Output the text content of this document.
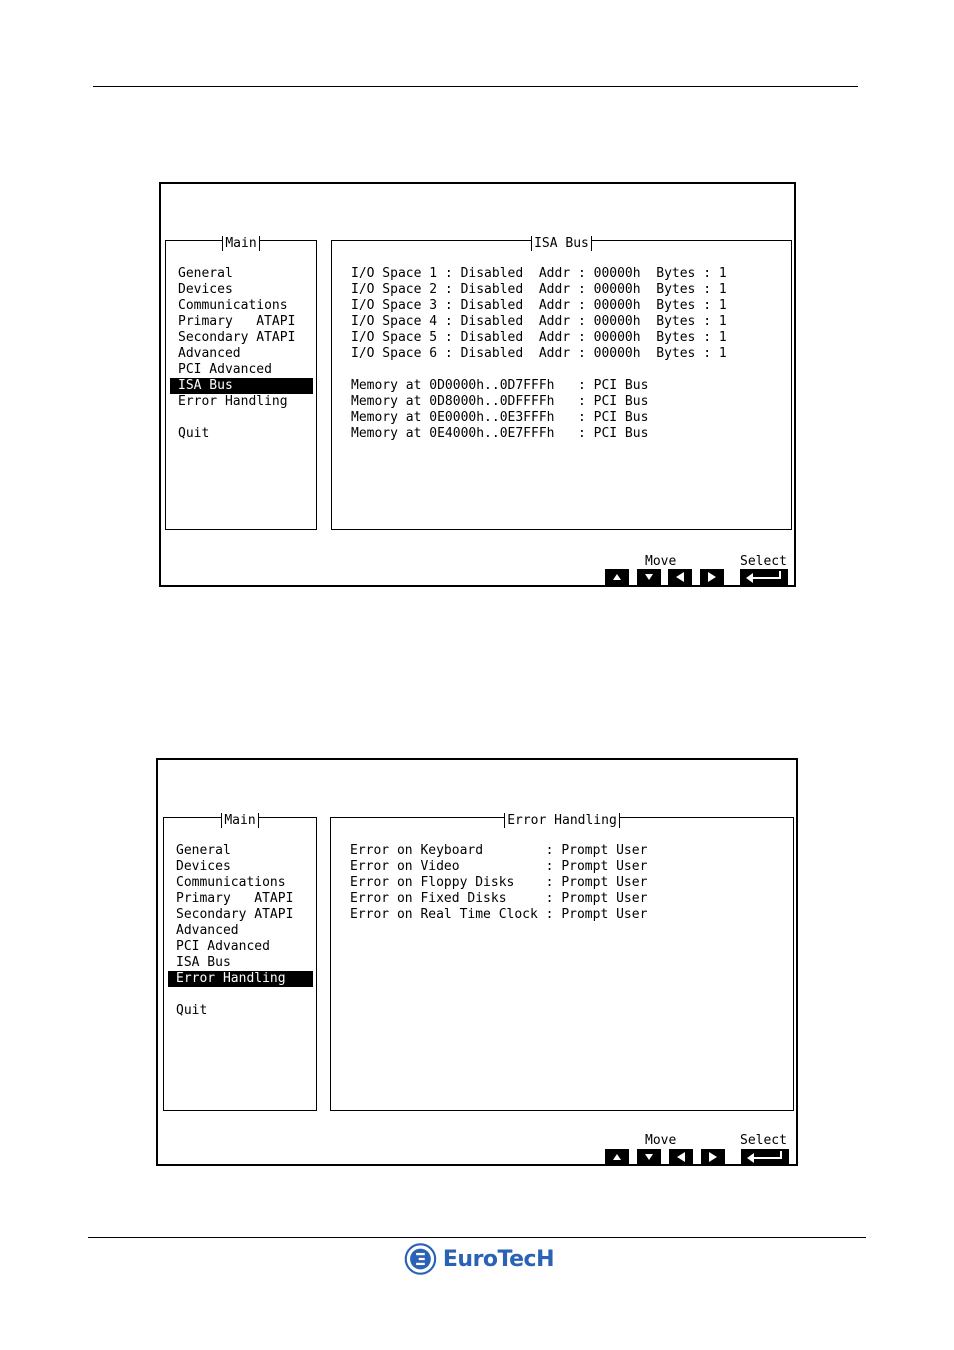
Main
General
Devices
Communications
Primary   ATAPI
Secondary ATAPI
Advanced
PCI Advanced
ISA Bus
Error Handling
Quit
ISA Bus
I/O Space 1 : Disabled  Addr : 00000h  Bytes : 1
I/O Space 2 : Disabled  Addr : 00000h  Bytes : 1
I/O Space 3 : Disabled  Addr : 00000h  Bytes : 1
I/O Space 4 : Disabled  Addr : 00000h  Bytes : 1
I/O Space 5 : Disabled  Addr : 00000h  Bytes : 1
I/O Space 6 : Disabled  Addr : 00000h  Bytes : 1
Memory at 0D0000h..0D7FFFh   : PCI Bus
Memory at 0D8000h..0DFFFFh   : PCI Bus
Memory at 0E0000h..0E3FFFh   : PCI Bus
Memory at 0E4000h..0E7FFFh   : PCI Bus
Move	Select
Main
General
Devices
Communications
Primary   ATAPI
Secondary ATAPI
Advanced
PCI Advanced
ISA Bus
Error Handling
Quit
Error Handling
Error on Keyboard        : Prompt User
Error on Video           : Prompt User
Error on Floppy Disks    : Prompt User
Error on Fixed Disks     : Prompt User
Error on Real Time Clock : Prompt User
Move	Select
EuroTecH
